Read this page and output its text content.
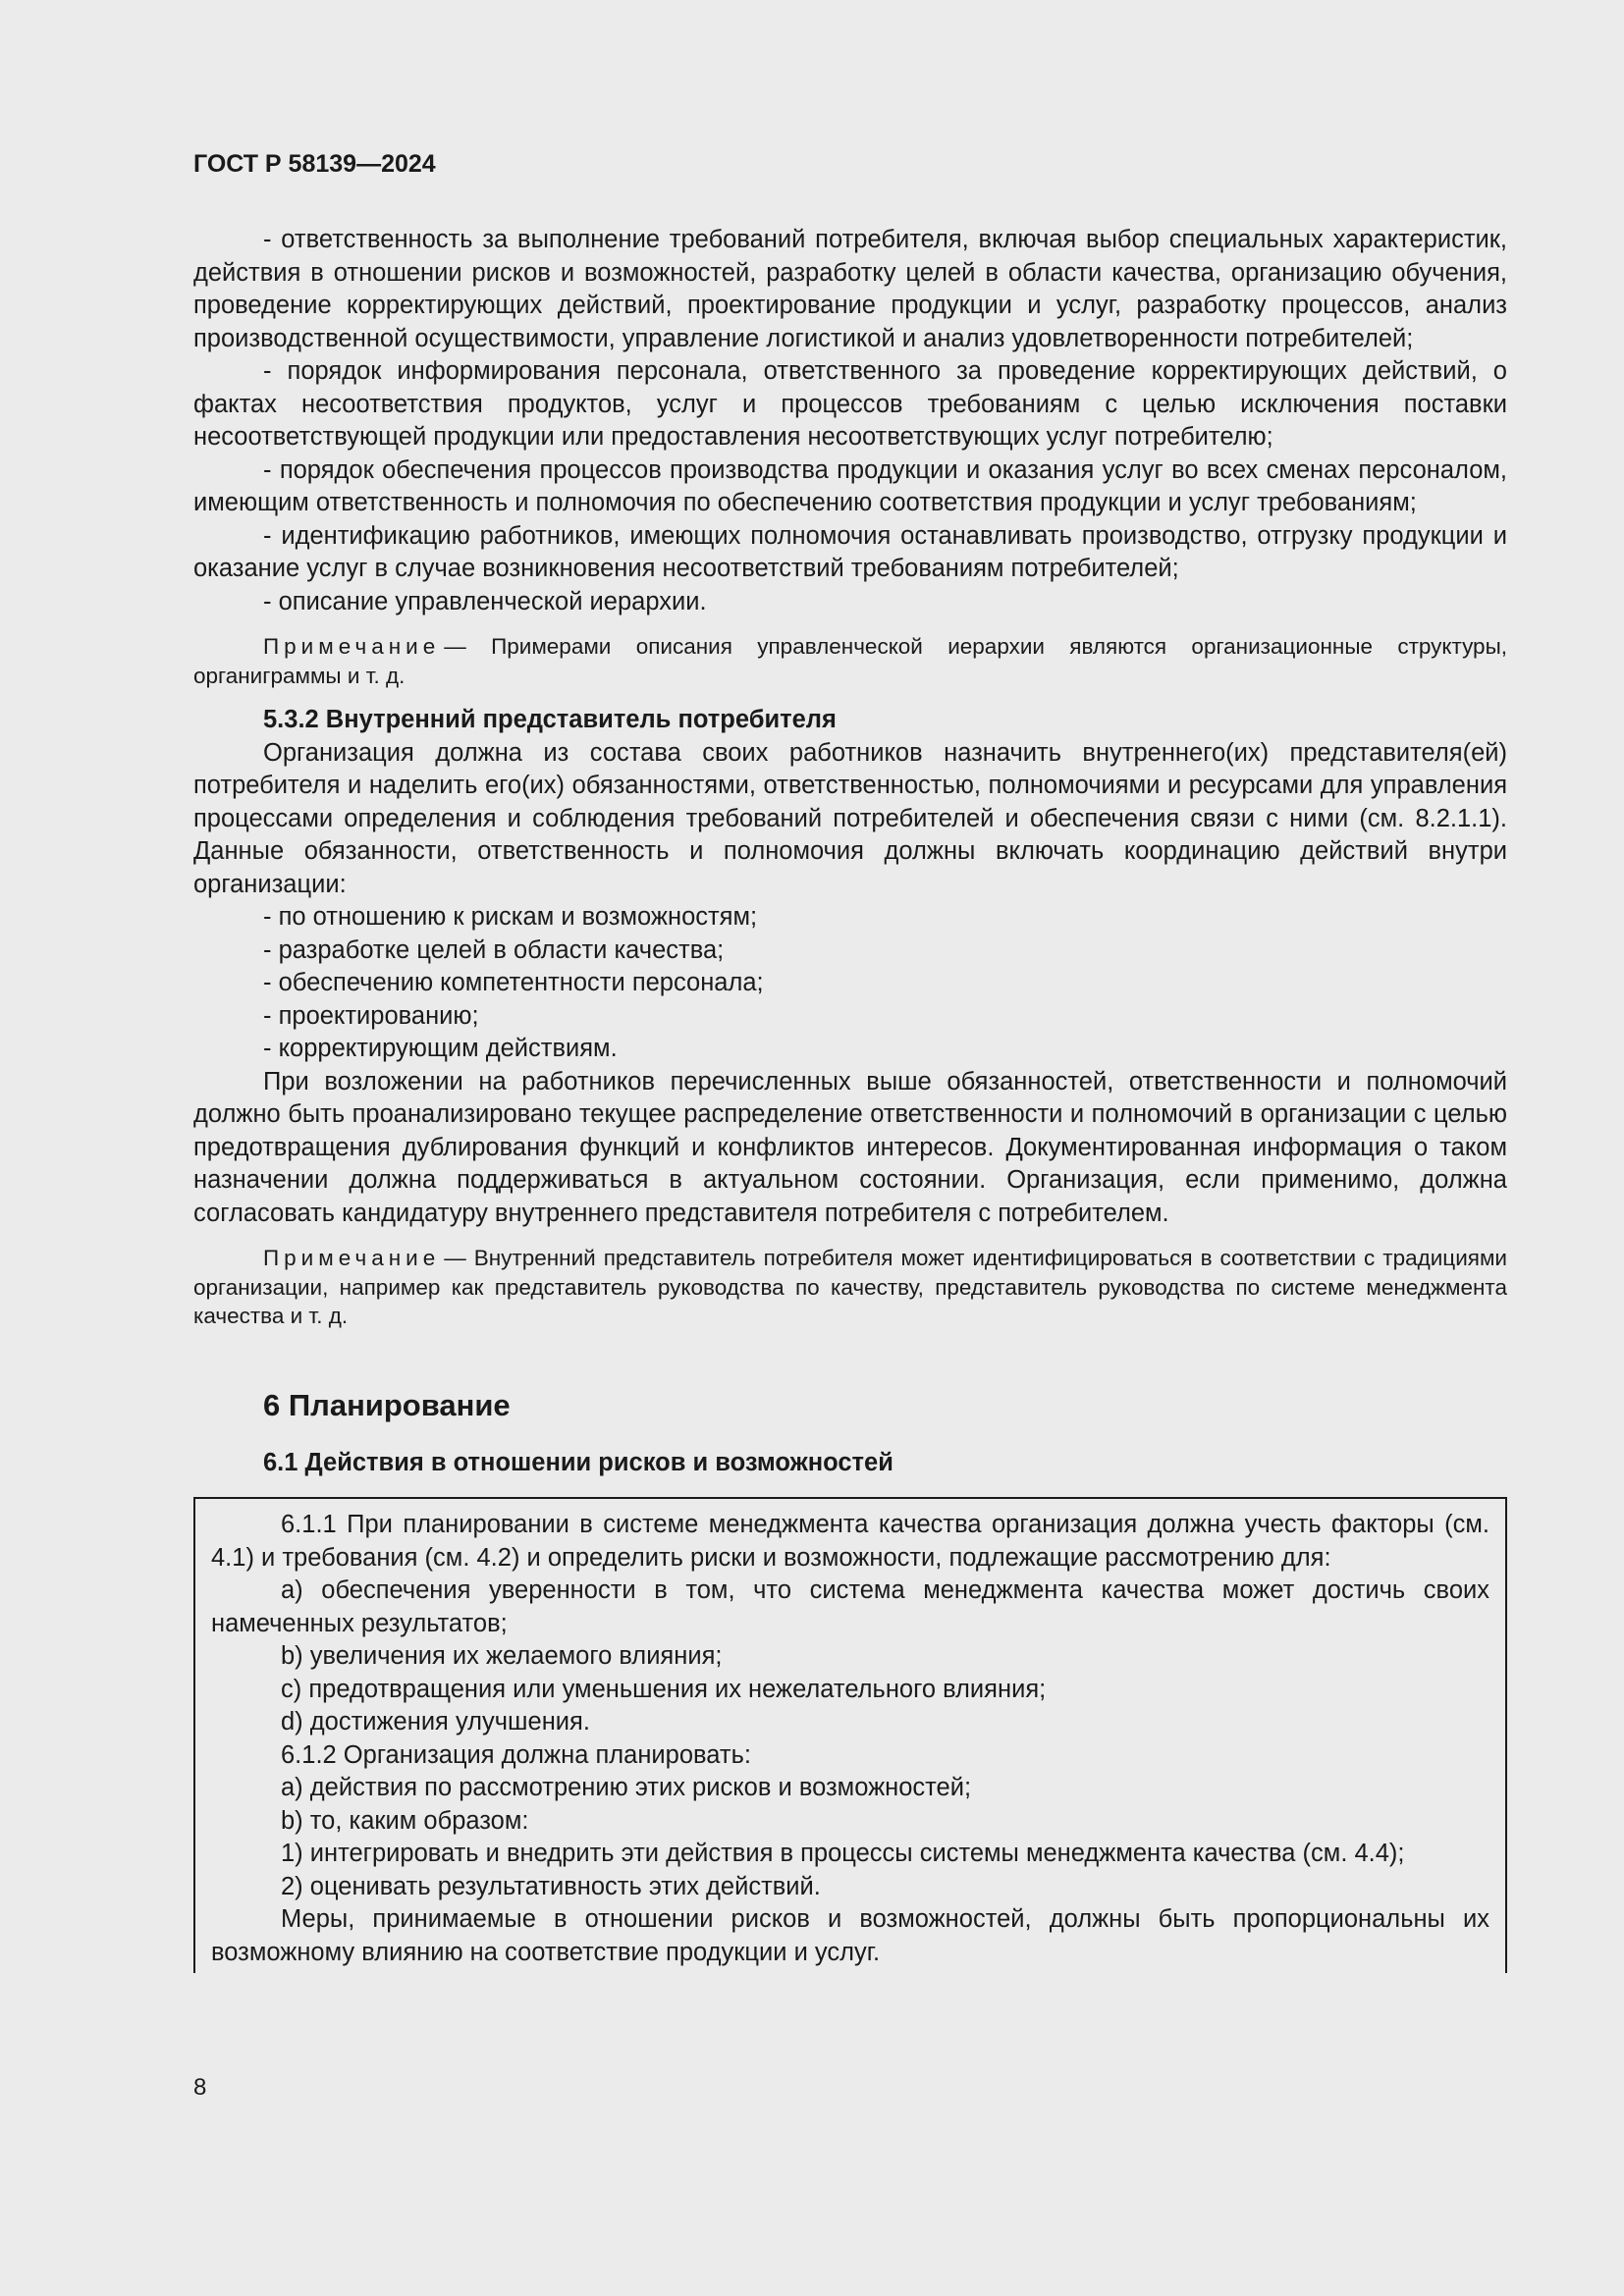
ГОСТ Р 58139—2024

- ответственность за выполнение требований потребителя, включая выбор специальных характеристик, действия в отношении рисков и возможностей, разработку целей в области качества, организацию обучения, проведение корректирующих действий, проектирование продукции и услуг, разработку процессов, анализ производственной осуществимости, управление логистикой и анализ удовлетворенности потребителей;

- порядок информирования персонала, ответственного за проведение корректирующих действий, о фактах несоответствия продуктов, услуг и процессов требованиям с целью исключения поставки несоответствующей продукции или предоставления несоответствующих услуг потребителю;

- порядок обеспечения процессов производства продукции и оказания услуг во всех сменах персоналом, имеющим ответственность и полномочия по обеспечению соответствия продукции и услуг требованиям;

- идентификацию работников, имеющих полномочия останавливать производство, отгрузку продукции и оказание услуг в случае возникновения несоответствий требованиям потребителей;

- описание управленческой иерархии.

Примечание — Примерами описания управленческой иерархии являются организационные структуры, органиграммы и т. д.

5.3.2 Внутренний представитель потребителя

Организация должна из состава своих работников назначить внутреннего(их) представителя(ей) потребителя и наделить его(их) обязанностями, ответственностью, полномочиями и ресурсами для управления процессами определения и соблюдения требований потребителей и обеспечения связи с ними (см. 8.2.1.1). Данные обязанности, ответственность и полномочия должны включать координацию действий внутри организации:

- по отношению к рискам и возможностям;

- разработке целей в области качества;

- обеспечению компетентности персонала;

- проектированию;

- корректирующим действиям.

При возложении на работников перечисленных выше обязанностей, ответственности и полномочий должно быть проанализировано текущее распределение ответственности и полномочий в организации с целью предотвращения дублирования функций и конфликтов интересов. Документированная информация о таком назначении должна поддерживаться в актуальном состоянии. Организация, если применимо, должна согласовать кандидатуру внутреннего представителя потребителя с потребителем.

Примечание — Внутренний представитель потребителя может идентифицироваться в соответствии с традициями организации, например как представитель руководства по качеству, представитель руководства по системе менеджмента качества и т. д.

6 Планирование
6.1 Действия в отношении рисков и возможностей

6.1.1 При планировании в системе менеджмента качества организация должна учесть факторы (см. 4.1) и требования (см. 4.2) и определить риски и возможности, подлежащие рассмотрению для:

a) обеспечения уверенности в том, что система менеджмента качества может достичь своих намеченных результатов;

b) увеличения их желаемого влияния;

c) предотвращения или уменьшения их нежелательного влияния;

d) достижения улучшения.

6.1.2 Организация должна планировать:

a) действия по рассмотрению этих рисков и возможностей;

b) то, каким образом:

1) интегрировать и внедрить эти действия в процессы системы менеджмента качества (см. 4.4);

2) оценивать результативность этих действий.

Меры, принимаемые в отношении рисков и возможностей, должны быть пропорциональны их возможному влиянию на соответствие продукции и услуг.

8
